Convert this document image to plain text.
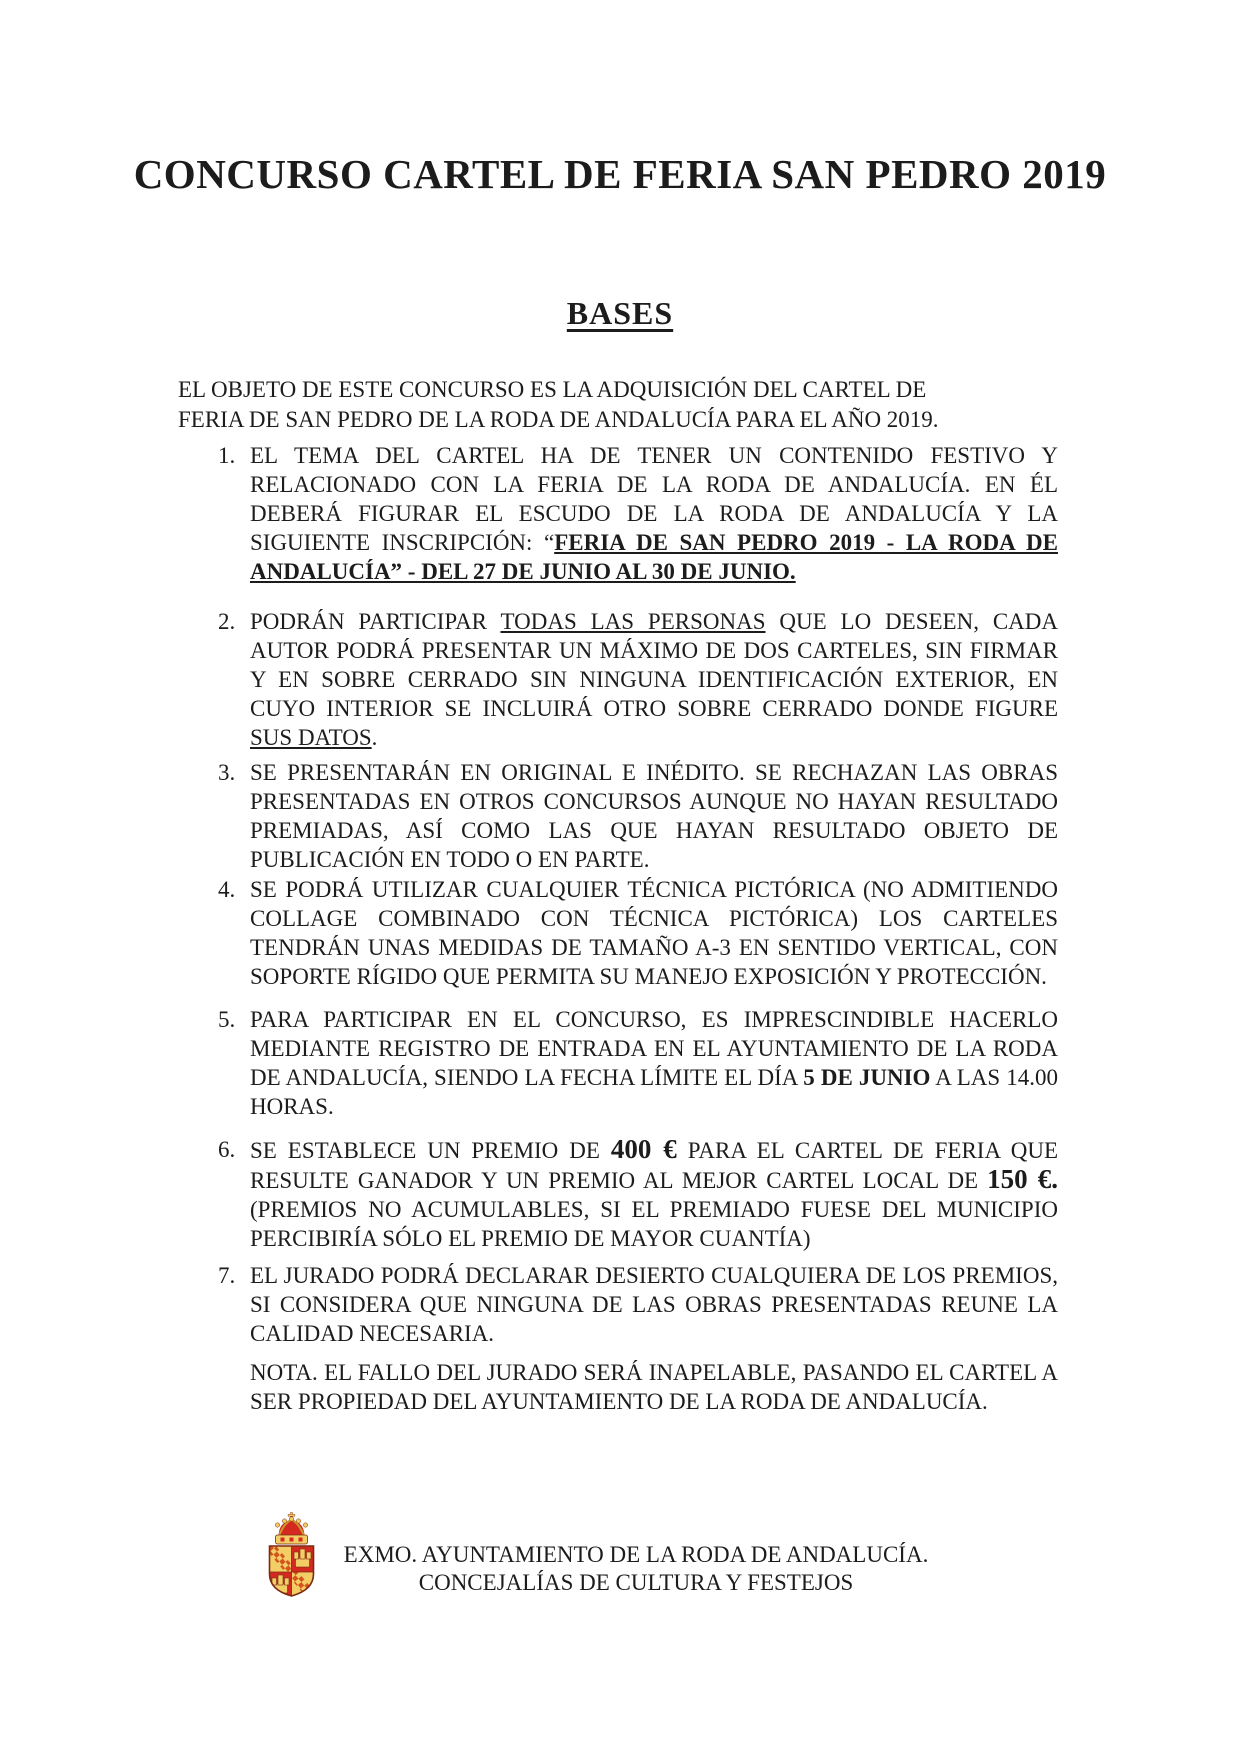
CONCURSO CARTEL DE FERIA SAN PEDRO 2019
BASES
EL OBJETO DE ESTE CONCURSO ES LA ADQUISICIÓN DEL CARTEL DE
FERIA DE SAN PEDRO DE LA RODA DE ANDALUCÍA PARA EL AÑO 2019.
1. EL TEMA DEL CARTEL HA DE TENER UN CONTENIDO FESTIVO Y RELACIONADO CON LA FERIA DE LA RODA DE ANDALUCÍA. EN ÉL DEBERÁ FIGURAR EL ESCUDO DE LA RODA DE ANDALUCÍA Y LA SIGUIENTE INSCRIPCIÓN: “FERIA DE SAN PEDRO 2019 - LA RODA DE ANDALUCÍA” - DEL 27 DE JUNIO AL 30 DE JUNIO.
2. PODRÁN PARTICIPAR TODAS LAS PERSONAS QUE LO DESEEN, CADA AUTOR PODRÁ PRESENTAR UN MÁXIMO DE DOS CARTELES, SIN FIRMAR Y EN SOBRE CERRADO SIN NINGUNA IDENTIFICACIÓN EXTERIOR, EN CUYO INTERIOR SE INCLUIRÁ OTRO SOBRE CERRADO DONDE FIGURE SUS DATOS.
3. SE PRESENTARÁN EN ORIGINAL E INÉDITO. SE RECHAZAN LAS OBRAS PRESENTADAS EN OTROS CONCURSOS AUNQUE NO HAYAN RESULTADO PREMIADAS, ASÍ COMO LAS QUE HAYAN RESULTADO OBJETO DE PUBLICACIÓN EN TODO O EN PARTE.
4. SE PODRÁ UTILIZAR CUALQUIER TÉCNICA PICTÓRICA (NO ADMITIENDO COLLAGE COMBINADO CON TÉCNICA PICTÓRICA) LOS CARTELES TENDRÁN UNAS MEDIDAS DE TAMAÑO A-3 EN SENTIDO VERTICAL, CON SOPORTE RÍGIDO QUE PERMITA SU MANEJO EXPOSICIÓN Y PROTECCIÓN.
5. PARA PARTICIPAR EN EL CONCURSO, ES IMPRESCINDIBLE HACERLO MEDIANTE REGISTRO DE ENTRADA EN EL AYUNTAMIENTO DE LA RODA DE ANDALUCÍA, SIENDO LA FECHA LÍMITE EL DÍA 5 DE JUNIO A LAS 14.00 HORAS.
6. SE ESTABLECE UN PREMIO DE 400 € PARA EL CARTEL DE FERIA QUE RESULTE GANADOR Y UN PREMIO AL MEJOR CARTEL LOCAL DE 150 €. (PREMIOS NO ACUMULABLES, SI EL PREMIADO FUESE DEL MUNICIPIO PERCIBIRÍA SÓLO EL PREMIO DE MAYOR CUANTÍA)
7. EL JURADO PODRÁ DECLARAR DESIERTO CUALQUIERA DE LOS PREMIOS, SI CONSIDERA QUE NINGUNA DE LAS OBRAS PRESENTADAS REUNE LA CALIDAD NECESARIA.
NOTA. EL FALLO DEL JURADO SERÁ INAPELABLE, PASANDO EL CARTEL A SER PROPIEDAD DEL AYUNTAMIENTO DE LA RODA DE ANDALUCÍA.
EXMO. AYUNTAMIENTO DE LA RODA DE ANDALUCÍA.
CONCEJALÍAS DE CULTURA Y FESTEJOS
